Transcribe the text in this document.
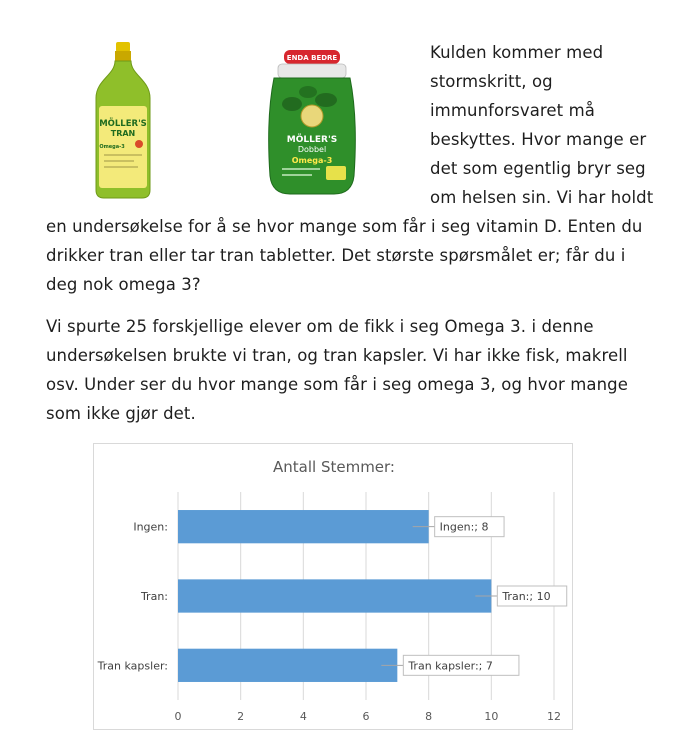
MÖLLER'S
TRAN
Omega-3
ENDA BEDRE
MÖLLER'S
Dobbel
Omega-3

Kulden kommer med stormskritt, og immunforsvaret må beskyttes. Hvor mange er det som egentlig bryr seg om helsen sin. Vi har holdt en undersøkelse for å se hvor mange som får i seg vitamin D. Enten du drikker tran eller tar tran tabletter. Det største spørsmålet er; får du i deg nok omega 3?

Vi spurte 25 forskjellige elever om de fikk i seg Omega 3. i denne undersøkelsen brukte vi tran, og tran kapsler. Vi har ikke fisk, makrell osv. Under ser du hvor mange som får i seg omega 3, og hvor mange som ikke gjør det.

Antall Stemmer:
0	2	4	6	8	10	12
Ingen:
Tran:
Tran kapsler:
Ingen:; 8
Tran:; 10
Tran kapsler:; 7
